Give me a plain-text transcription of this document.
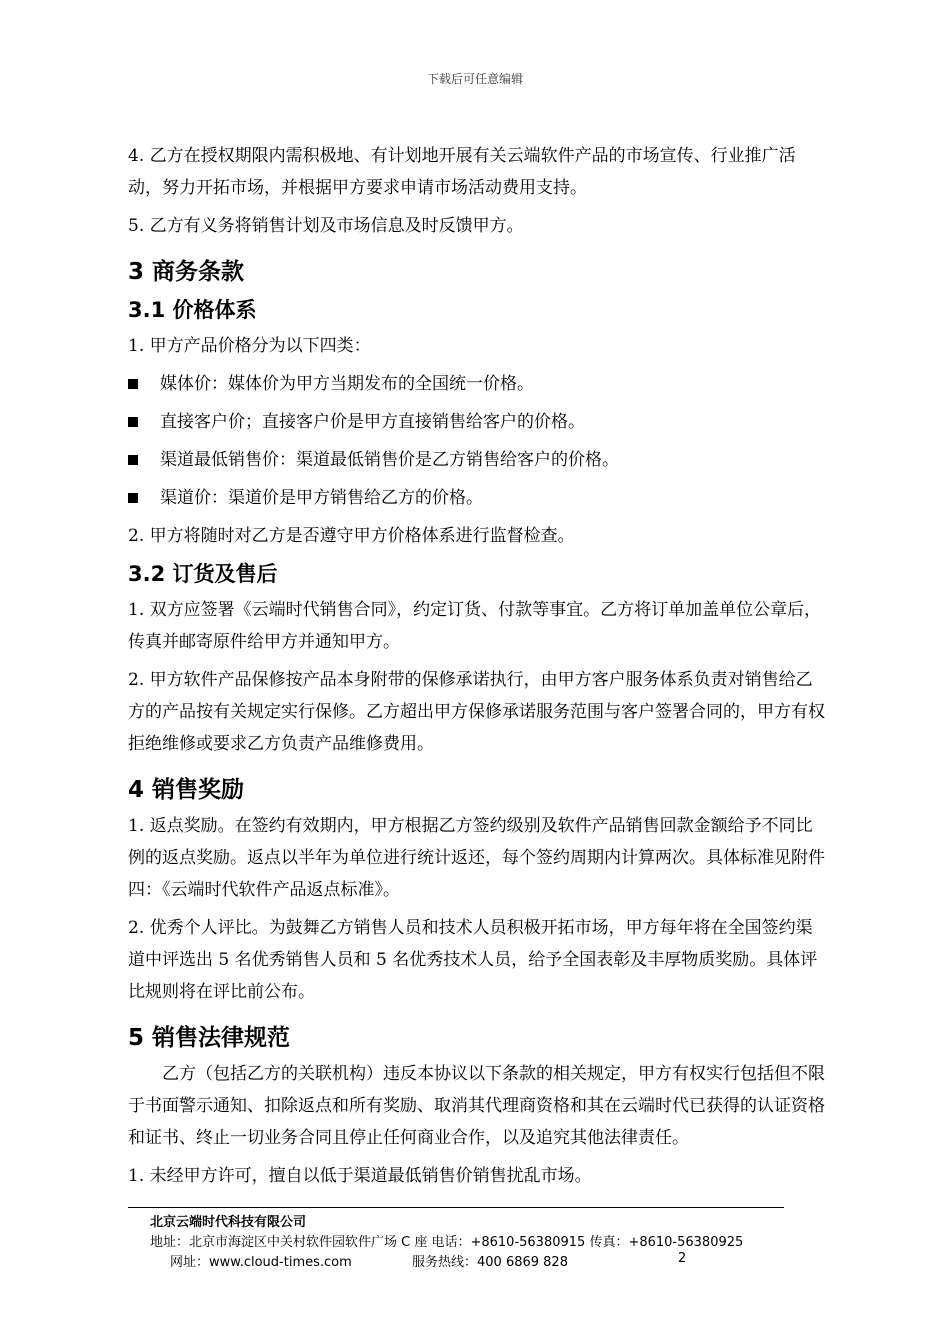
下载后可任意编辑

4. 乙方在授权期限内需积极地、有计划地开展有关云端软件产品的市场宣传、行业推广活动，努力开拓市场，并根据甲方要求申请市场活动费用支持。

5. 乙方有义务将销售计划及市场信息及时反馈甲方。

3 商务条款
3.1 价格体系

1. 甲方产品价格分为以下四类：

媒体价：媒体价为甲方当期发布的全国统一价格。

直接客户价；直接客户价是甲方直接销售给客户的价格。

渠道最低销售价：渠道最低销售价是乙方销售给客户的价格。

渠道价：渠道价是甲方销售给乙方的价格。

2. 甲方将随时对乙方是否遵守甲方价格体系进行监督检查。

3.2 订货及售后

1. 双方应签署《云端时代销售合同》，约定订货、付款等事宜。乙方将订单加盖单位公章后，传真并邮寄原件给甲方并通知甲方。

2. 甲方软件产品保修按产品本身附带的保修承诺执行，由甲方客户服务体系负责对销售给乙方的产品按有关规定实行保修。乙方超出甲方保修承诺服务范围与客户签署合同的，甲方有权拒绝维修或要求乙方负责产品维修费用。

4 销售奖励

1. 返点奖励。在签约有效期内，甲方根据乙方签约级别及软件产品销售回款金额给予不同比例的返点奖励。返点以半年为单位进行统计返还，每个签约周期内计算两次。具体标准见附件四：《云端时代软件产品返点标准》。

2. 优秀个人评比。为鼓舞乙方销售人员和技术人员积极开拓市场，甲方每年将在全国签约渠道中评选出 5 名优秀销售人员和 5 名优秀技术人员，给予全国表彰及丰厚物质奖励。具体评比规则将在评比前公布。

5 销售法律规范

乙方（包括乙方的关联机构）违反本协议以下条款的相关规定，甲方有权实行包括但不限于书面警示通知、扣除返点和所有奖励、取消其代理商资格和其在云端时代已获得的认证资格和证书、终止一切业务合同且停止任何商业合作，以及追究其他法律责任。

1. 未经甲方许可，擅自以低于渠道最低销售价销售扰乱市场。

北京云端时代科技有限公司
地址：北京市海淀区中关村软件园软件广场 C 座 电话：+8610-56380915 传真：+8610-56380925
网址：www.cloud-times.com	服务热线：400 6869 828	2
